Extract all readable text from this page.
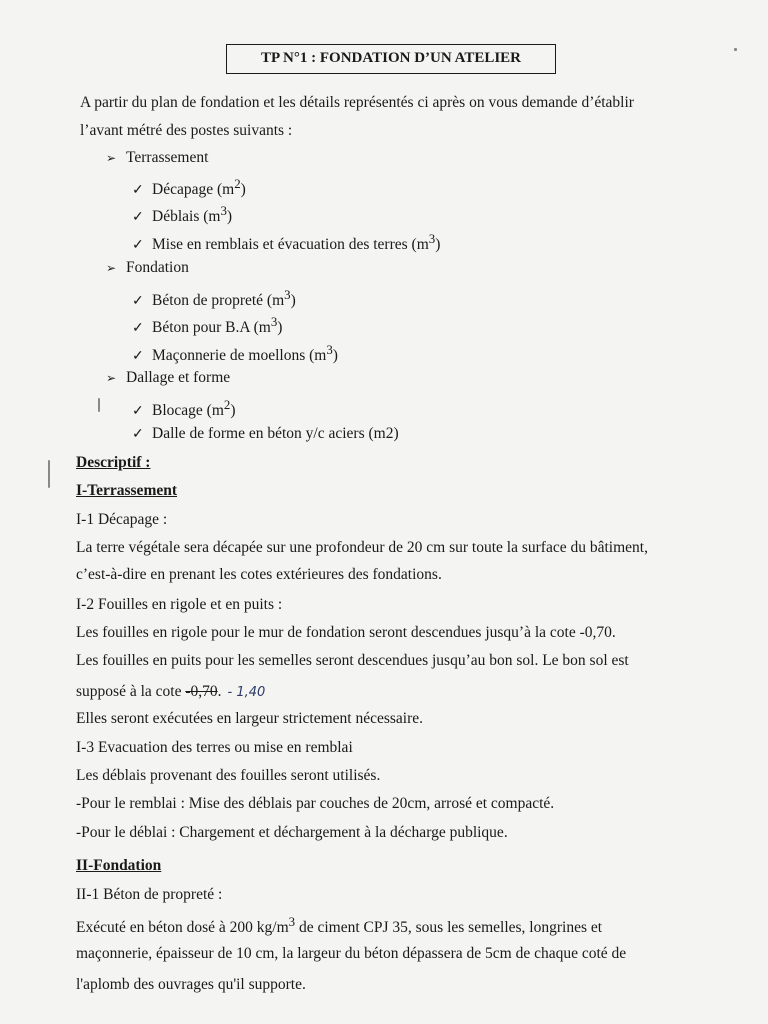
TP N°1 : FONDATION D’UN ATELIER
A partir du plan de fondation et les détails représentés ci après on vous demande d’établir
l’avant métré des postes suivants :
➢ Terrassement
✓ Décapage $(m^2)$
✓ Déblais $(m^3)$
✓ Mise en remblais et évacuation des terres $(m^3)$
➢ Fondation
✓ Béton de propreté $(m^3)$
✓ Béton pour B.A $(m^3)$
✓ Maçonnerie de moellons $(m^3)$
➢ Dallage et forme
✓ Blocage $(m^2)$
✓ Dalle de forme en béton y/c aciers (m2)
Descriptif :
I-Terrassement
I-1 Décapage :
La terre végétale sera décapée sur une profondeur de 20 cm sur toute la surface du bâtiment,
c’est-à-dire en prenant les cotes extérieures des fondations.
I-2 Fouilles en rigole et en puits :
Les fouilles en rigole pour le mur de fondation seront descendues jusqu’à la cote -0,70.
Les fouilles en puits pour les semelles seront descendues jusqu’au bon sol. Le bon sol est
supposé à la cote -0,70. - 1,40
Elles seront exécutées en largeur strictement nécessaire.
I-3 Evacuation des terres ou mise en remblai
Les déblais provenant des fouilles seront utilisés.
-Pour le remblai : Mise des déblais par couches de 20cm, arrosé et compacté.
-Pour le déblai : Chargement et déchargement à la décharge publique.
II-Fondation
II-1 Béton de propreté :
Exécuté en béton dosé à 200 $kg/m^3$ de ciment CPJ 35, sous les semelles, longrines et
maçonnerie, épaisseur de 10 cm, la largeur du béton dépassera de 5cm de chaque coté de
l'aplomb des ouvrages qu'il supporte.
